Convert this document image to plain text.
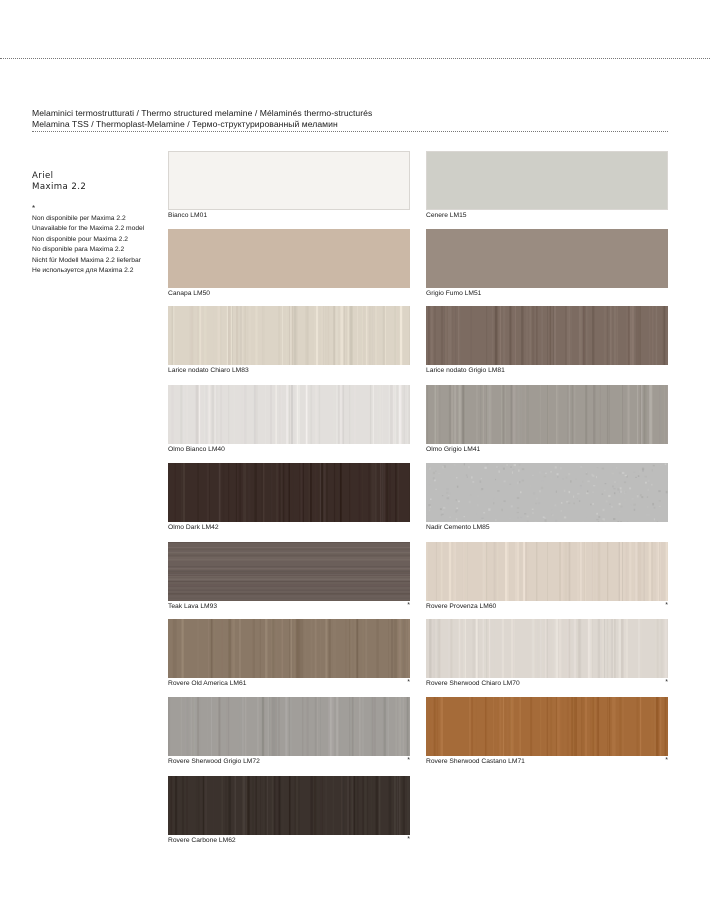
Melaminici termostrutturati / Thermo structured melamine / Mélaminés thermo-structurés
Melamina TSS / Thermoplast-Melamine / Термо-структурированный меламин
Ariel
Maxima 2.2
*
Non disponibile per Maxima 2.2
Unavailable for the Maxima 2.2 model
Non disponible pour Maxima 2.2
No disponible para Maxima 2.2
Nicht für Modell Maxima 2.2 lieferbar
Не используется для Maxima 2.2
Bianco LM01	Cenere LM15
Canapa LM50	Grigio Fumo LM51
Larice nodato Chiaro LM83	Larice nodato Grigio LM81
Olmo Bianco LM40	Olmo Grigio LM41
Olmo Dark LM42	Nadir Cemento LM85
Teak Lava LM93	* Rovere Provenza LM60	*
Rovere Old America LM61	* Rovere Sherwood Chiaro LM70	*
Rovere Sherwood Grigio LM72	* Rovere Sherwood Castano LM71	*
Rovere Carbone LM62	*
